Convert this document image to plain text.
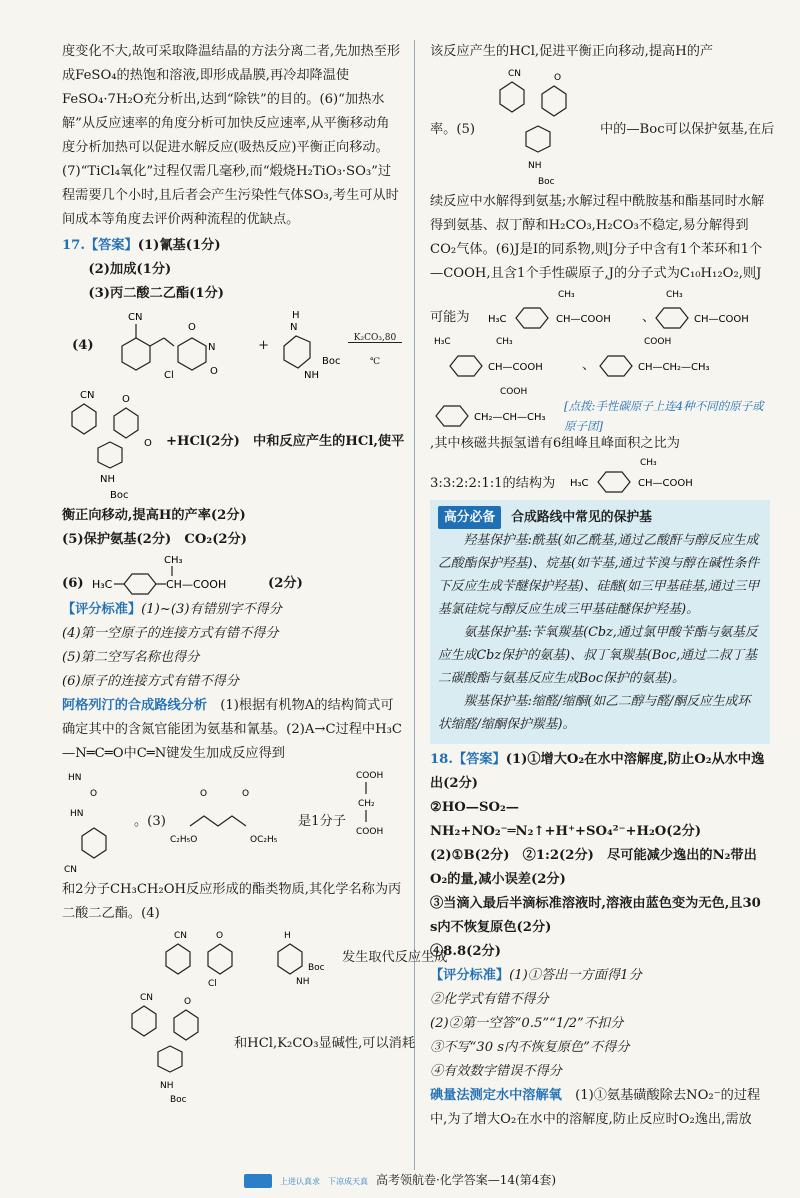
度变化不大,故可采取降温结晶的方法分离二者,先加热至形成FeSO₄的热饱和溶液,即形成晶膜,再冷却降温使FeSO₄·7H₂O充分析出,达到“除铁”的目的。(6)“加热水解”从反应速率的角度分析可加快反应速率,从平衡移动角度分析加热可以促进水解反应(吸热反应)平衡正向移动。(7)“TiCl₄氧化”过程仅需几毫秒,而“煅烧H₂TiO₃·SO₃”过程需要几个小时,且后者会产生污染性气体SO₃,考生可从时间成本等角度去评价两种流程的优缺点。

17.【答案】(1)氰基(1分)

(2)加成(1分)

(3)丙二酸二乙酯(1分)

(4)
CN
O
N
O
Cl
+
H
N
NH
Boc
K₂CO₃,80 ℃
CN	O
O
NH
Boc
+HCl(2分)　中和反应产生的HCl,使平

衡正向移动,提高H的产率(2分)

(5)保护氨基(2分)　CO₂(2分)

(6) H₃C	CH—COOH
CH₃
(2分)

【评分标准】(1)~(3)有错别字不得分

(4)第一空原子的连接方式有错不得分

(5)第二空写名称也得分

(6)原子的连接方式有错不得分

阿格列汀的合成路线分析　 (1)根据有机物A的结构简式可确定其中的含氮官能团为氨基和氰基。(2)A→C过程中H₃C—N═C═O中C═N键发生加成反应得到

HN
O
HN
CN
。(3)
O	O
C₂H₅O	OC₂H₅
是1分子
COOH
CH₂
COOH

和2分子CH₃CH₂OH反应形成的酯类物质,其化学名称为丙二酸二乙酯。(4)

CN	O
Cl
H
NH
Boc
发生取代反应生成
CN	O
NH
Boc
和HCl,K₂CO₃显碱性,可以消耗

该反应产生的HCl,促进平衡正向移动,提高H的产

率。(5)
CN	O
NH
Boc
中的—Boc可以保护氨基,在后

续反应中水解得到氨基;水解过程中酰胺基和酯基同时水解得到氨基、叔丁醇和H₂CO₃,H₂CO₃不稳定,易分解得到CO₂气体。(6)J是I的同系物,则J分子中含有1个苯环和1个—COOH,且含1个手性碳原子,J的分子式为C₁₀H₁₂O₂,则J

可能为 H₃C	CH—COOH
CH₃
、
CH₃
CH—COOH
H₃C	CH₃
CH—COOH	、
COOH
CH—CH₂—CH₃
COOH
CH₂—CH—CH₃
[点拨:手性碳原子上连4种不同的原子或原子团]

,其中核磁共振氢谱有6组峰且峰面积之比为

3:3:2:2:1:1的结构为 H₃C	CH—COOH
CH₃

高分必备 合成路线中常见的保护基

羟基保护基:酰基(如乙酰基,通过乙酸酐与醇反应生成乙酸酯保护羟基)、烷基(如苄基,通过苄溴与醇在碱性条件下反应生成苄醚保护羟基)、硅醚(如三甲基硅基,通过三甲基氯硅烷与醇反应生成三甲基硅醚保护羟基)。

氨基保护基:苄氧羰基(Cbz,通过氯甲酸苄酯与氨基反应生成Cbz保护的氨基)、叔丁氧羰基(Boc,通过二叔丁基二碳酸酯与氨基反应生成Boc保护的氨基)。

羰基保护基:缩醛/缩酮(如乙二醇与醛/酮反应生成环状缩醛/缩酮保护羰基)。

18.【答案】(1)①增大O₂在水中溶解度,防止O₂从水中逸出(2分)

②HO—SO₂—NH₂+NO₂⁻═N₂↑+H⁺+SO₄²⁻+H₂O(2分)

(2)①B(2分)　②1:2(2分)　尽可能减少逸出的N₂带出O₂的量,减小误差(2分)

③当滴入最后半滴标准溶液时,溶液由蓝色变为无色,且30 s内不恢复原色(2分)

④8.8(2分)

【评分标准】(1)①答出一方面得1分

②化学式有错不得分

(2)②第一空答“0.5”“1/2”不扣分

③不写“30 s内不恢复原色”不得分

④有效数字错误不得分

碘量法测定水中溶解氧　 (1)①氨基磺酸除去NO₂⁻的过程中,为了增大O₂在水中的溶解度,防止反应时O₂逸出,需放

上进认真求　下凉成天真 高考领航卷·化学答案—14(第4套)
